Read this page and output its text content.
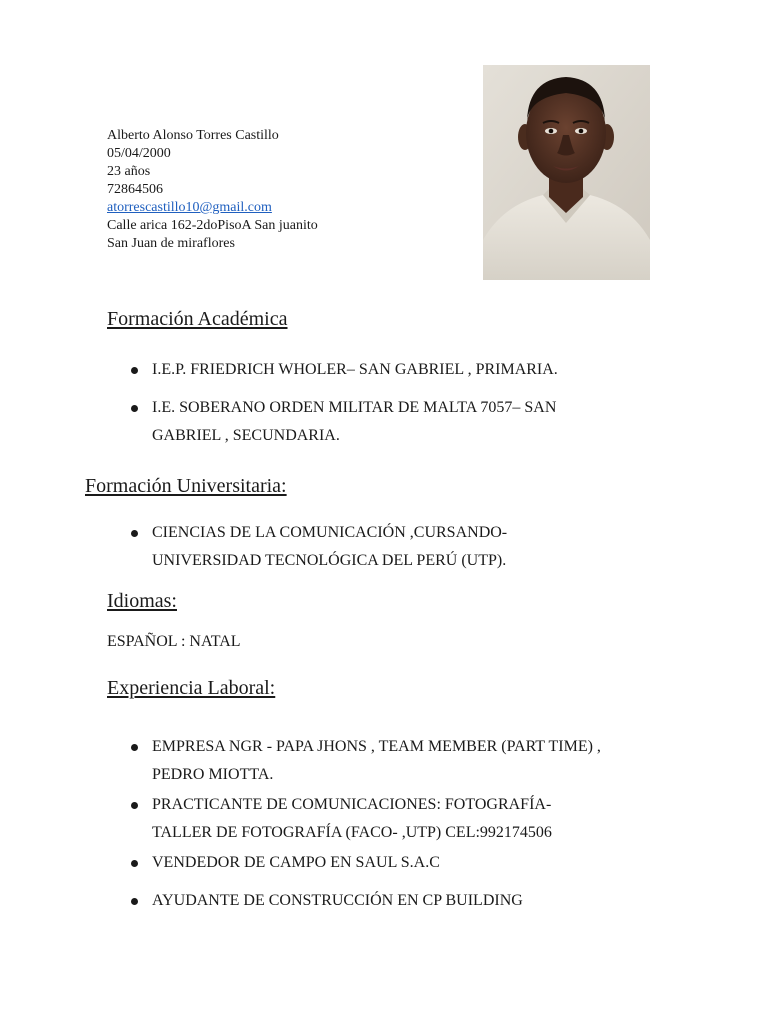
Alberto Alonso Torres Castillo
05/04/2000
23 años
72864506
atorrescastillo10@gmail.com
Calle arica 162-2doPisoA San juanito
San Juan de miraflores
Formación Académica
I.E.P. FRIEDRICH WHOLER– SAN GABRIEL , PRIMARIA.
I.E. SOBERANO ORDEN MILITAR DE MALTA 7057– SAN
GABRIEL , SECUNDARIA.
Formación Universitaria:
CIENCIAS DE LA COMUNICACIÓN ,CURSANDO-
UNIVERSIDAD TECNOLÓGICA DEL PERÚ (UTP).
Idiomas:
ESPAÑOL : NATAL
Experiencia Laboral:
EMPRESA NGR - PAPA JHONS , TEAM MEMBER (PART TIME) ,
PEDRO MIOTTA.
PRACTICANTE DE COMUNICACIONES: FOTOGRAFÍA-
TALLER DE FOTOGRAFÍA (FACO- ,UTP) CEL:992174506
VENDEDOR DE CAMPO EN SAUL S.A.C
AYUDANTE DE CONSTRUCCIÓN EN CP BUILDING
